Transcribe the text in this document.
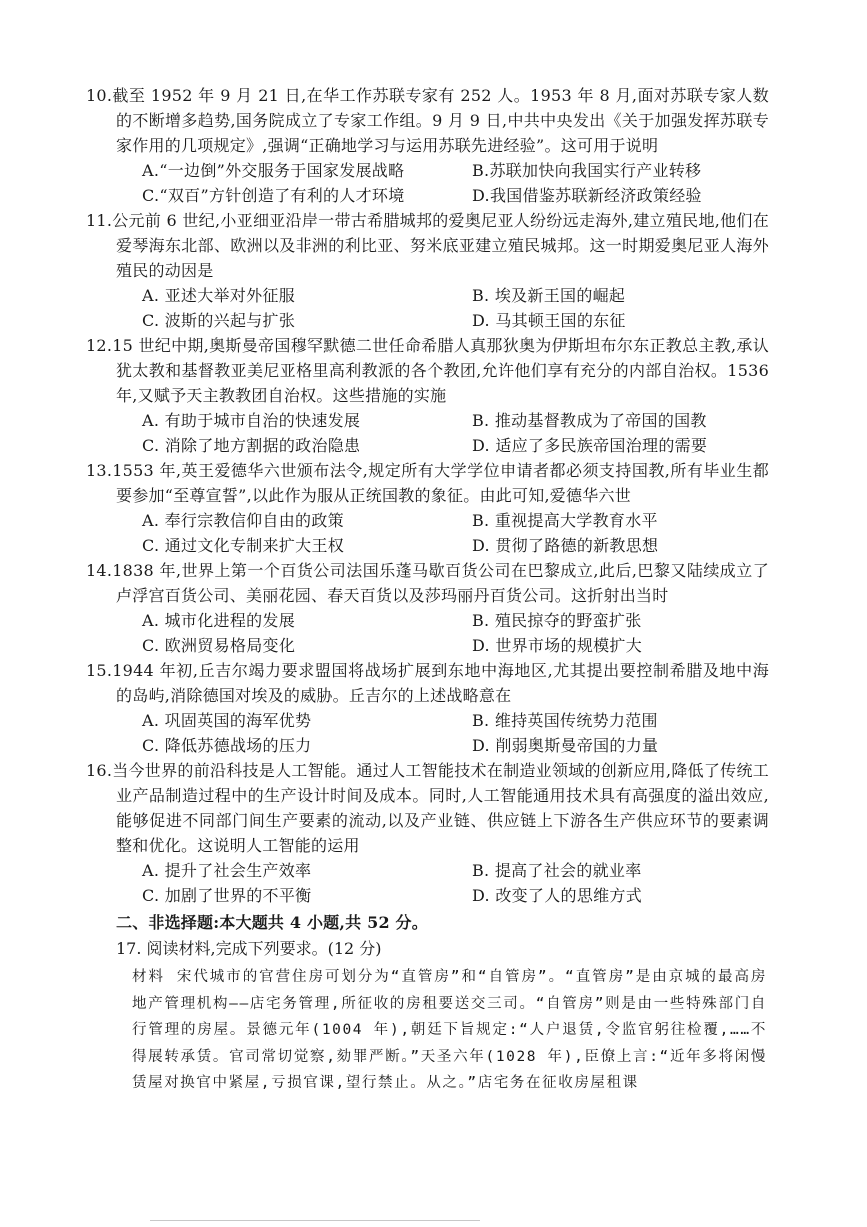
10.截至 1952 年 9 月 21 日,在华工作苏联专家有 252 人。1953 年 8 月,面对苏联专家人数的不断增多趋势,国务院成立了专家工作组。9 月 9 日,中共中央发出《关于加强发挥苏联专家作用的几项规定》,强调“正确地学习与运用苏联先进经验”。这可用于说明

A.“一边倒”外交服务于国家发展战略	B.苏联加快向我国实行产业转移
C.“双百”方针创造了有利的人才环境	D.我国借鉴苏联新经济政策经验

11.公元前 6 世纪,小亚细亚沿岸一带古希腊城邦的爱奥尼亚人纷纷远走海外,建立殖民地,他们在爱琴海东北部、欧洲以及非洲的利比亚、努米底亚建立殖民城邦。这一时期爱奥尼亚人海外殖民的动因是

A. 亚述大举对外征服	B. 埃及新王国的崛起
C. 波斯的兴起与扩张	D. 马其顿王国的东征

12.15 世纪中期,奥斯曼帝国穆罕默德二世任命希腊人真那狄奥为伊斯坦布尔东正教总主教,承认犹太教和基督教亚美尼亚格里高利教派的各个教团,允许他们享有充分的内部自治权。1536 年,又赋予天主教教团自治权。这些措施的实施

A. 有助于城市自治的快速发展	B. 推动基督教成为了帝国的国教
C. 消除了地方割据的政治隐患	D. 适应了多民族帝国治理的需要

13.1553 年,英王爱德华六世颁布法令,规定所有大学学位申请者都必须支持国教,所有毕业生都要参加“至尊宣誓”,以此作为服从正统国教的象征。由此可知,爱德华六世

A. 奉行宗教信仰自由的政策	B. 重视提高大学教育水平
C. 通过文化专制来扩大王权	D. 贯彻了路德的新教思想

14.1838 年,世界上第一个百货公司法国乐蓬马歇百货公司在巴黎成立,此后,巴黎又陆续成立了卢浮宫百货公司、美丽花园、春天百货以及莎玛丽丹百货公司。这折射出当时

A. 城市化进程的发展	B. 殖民掠夺的野蛮扩张
C. 欧洲贸易格局变化	D. 世界市场的规模扩大

15.1944 年初,丘吉尔竭力要求盟国将战场扩展到东地中海地区,尤其提出要控制希腊及地中海的岛屿,消除德国对埃及的威胁。丘吉尔的上述战略意在

A. 巩固英国的海军优势	B. 维持英国传统势力范围
C. 降低苏德战场的压力	D. 削弱奥斯曼帝国的力量

16.当今世界的前沿科技是人工智能。通过人工智能技术在制造业领域的创新应用,降低了传统工业产品制造过程中的生产设计时间及成本。同时,人工智能通用技术具有高强度的溢出效应,能够促进不同部门间生产要素的流动,以及产业链、供应链上下游各生产供应环节的要素调整和优化。这说明人工智能的运用

A. 提升了社会生产效率	B. 提高了社会的就业率
C. 加剧了世界的不平衡	D. 改变了人的思维方式
二、非选择题:本大题共 4 小题,共 52 分。
17. 阅读材料,完成下列要求。(12 分)

材料 宋代城市的官营住房可划分为“直管房”和“自管房”。“直管房”是由京城的最高房地产管理机构——店宅务管理,所征收的房租要送交三司。“自管房”则是由一些特殊部门自行管理的房屋。景德元年(1004 年),朝廷下旨规定:“人户退赁,令监官躬往检覆,……不得展转承赁。官司常切觉察,劾罪严断。”天圣六年(1028 年),臣僚上言:“近年多将闲慢赁屋对换官中紧屋,亏损官课,望行禁止。从之。”店宅务在征收房屋租课
